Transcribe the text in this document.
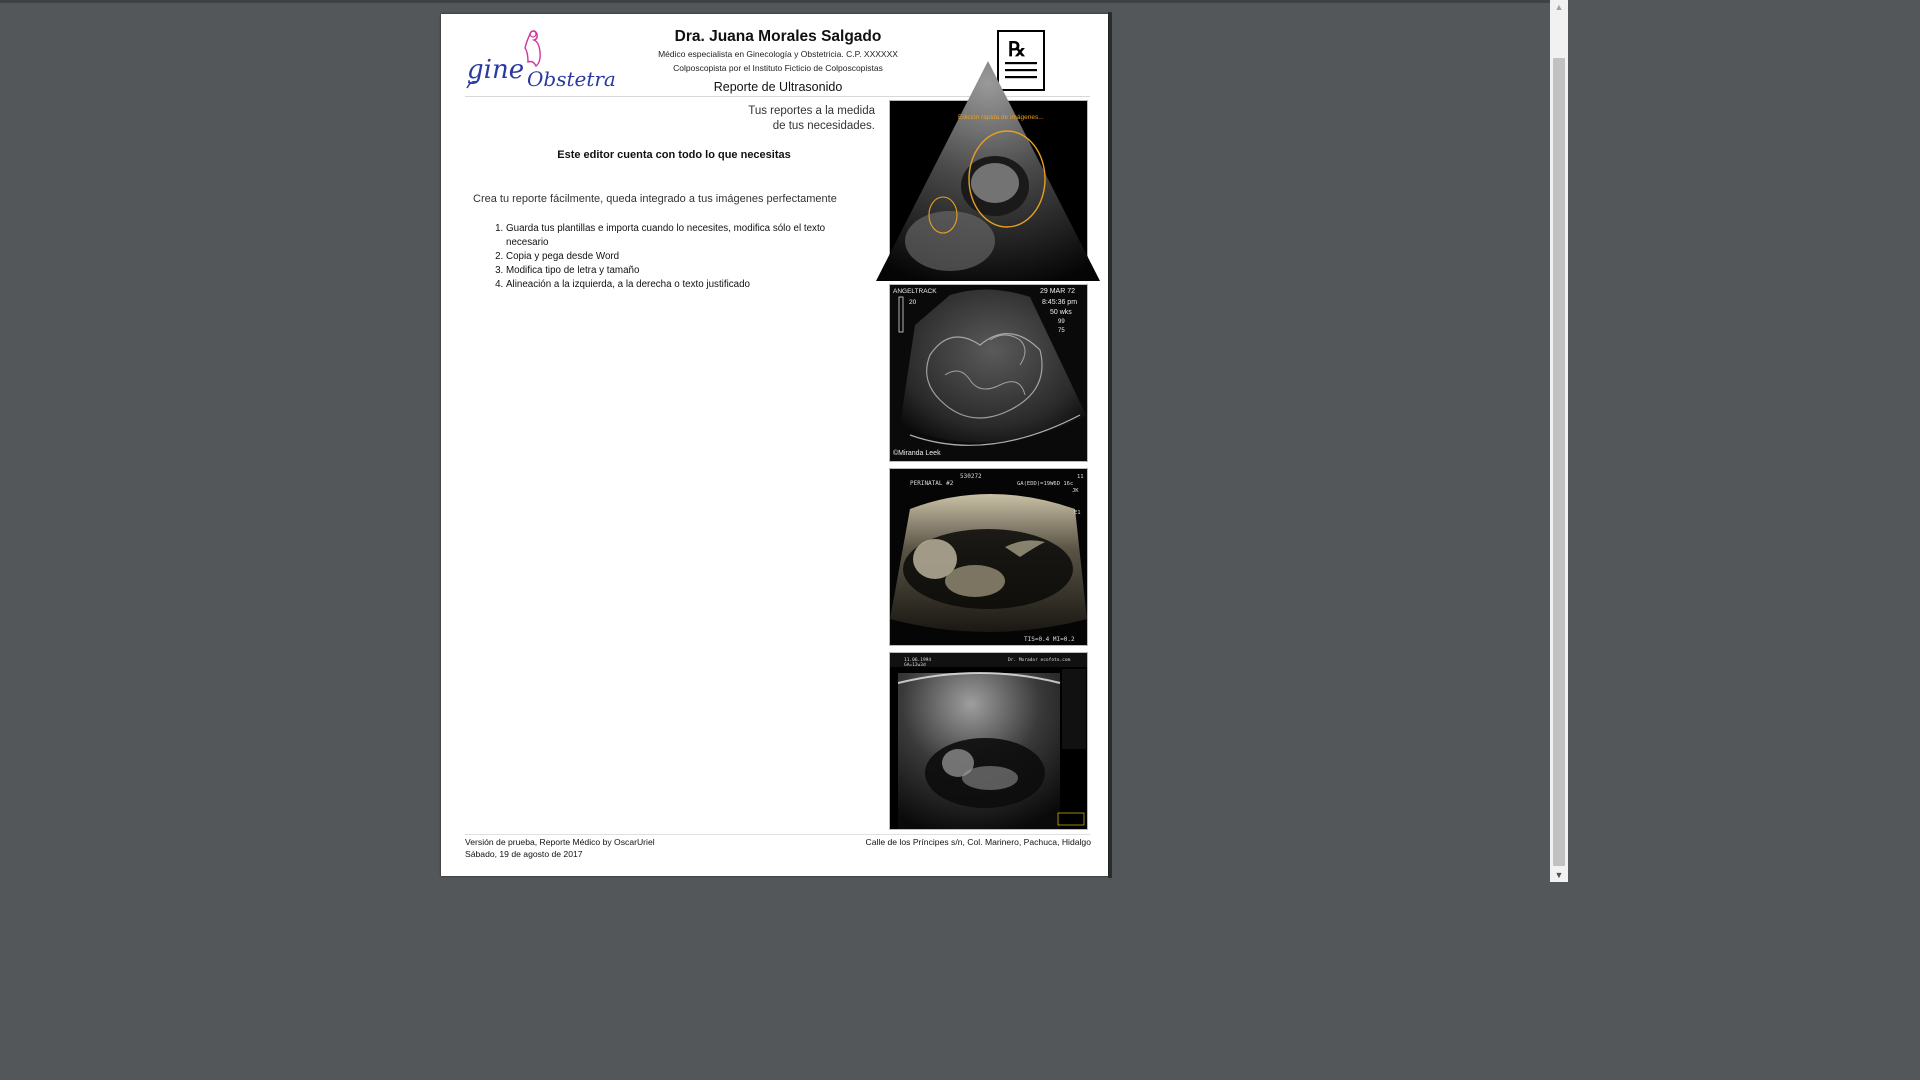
gine Obstetra
Dra. Juana Morales Salgado
Médico especialista en Ginecología y Obstetricia. C.P. XXXXXX
Colposcopista por el Instituto Ficticio de Colposcopistas
Reporte de Ultrasonido
℞
Tus reportes a la medida
de tus necesidades.
Este editor cuenta con todo lo que necesitas
Crea tu reporte fácilmente, queda integrado a tus imágenes perfectamente
1. Guarda tus plantillas e importa cuando lo necesites, modifica sólo el texto necesario
2. Copia y pega desde Word
3. Modifica tipo de letra y tamaño
4. Alineación a la izquierda, a la derecha o texto justificado
Edición rápida de imágenes...
ANGELTRACK	29 MAR 72
8:45:36 pm
50 wks
99
75
20
©Miranda Leek
530272
PERINATAL #2	GA(EDD)=19W6D 16c
11
JK
E1
TIS=0.4 MI=0.2
11.06.1994
GA=12w3d
Dr. Morador ecofoto.com
Versión de prueba, Reporte Médico by OscarUriel
Sábado, 19 de agosto de 2017
Calle de los Príncipes s/n, Col. Marinero, Pachuca, Hidalgo
▲
▼
